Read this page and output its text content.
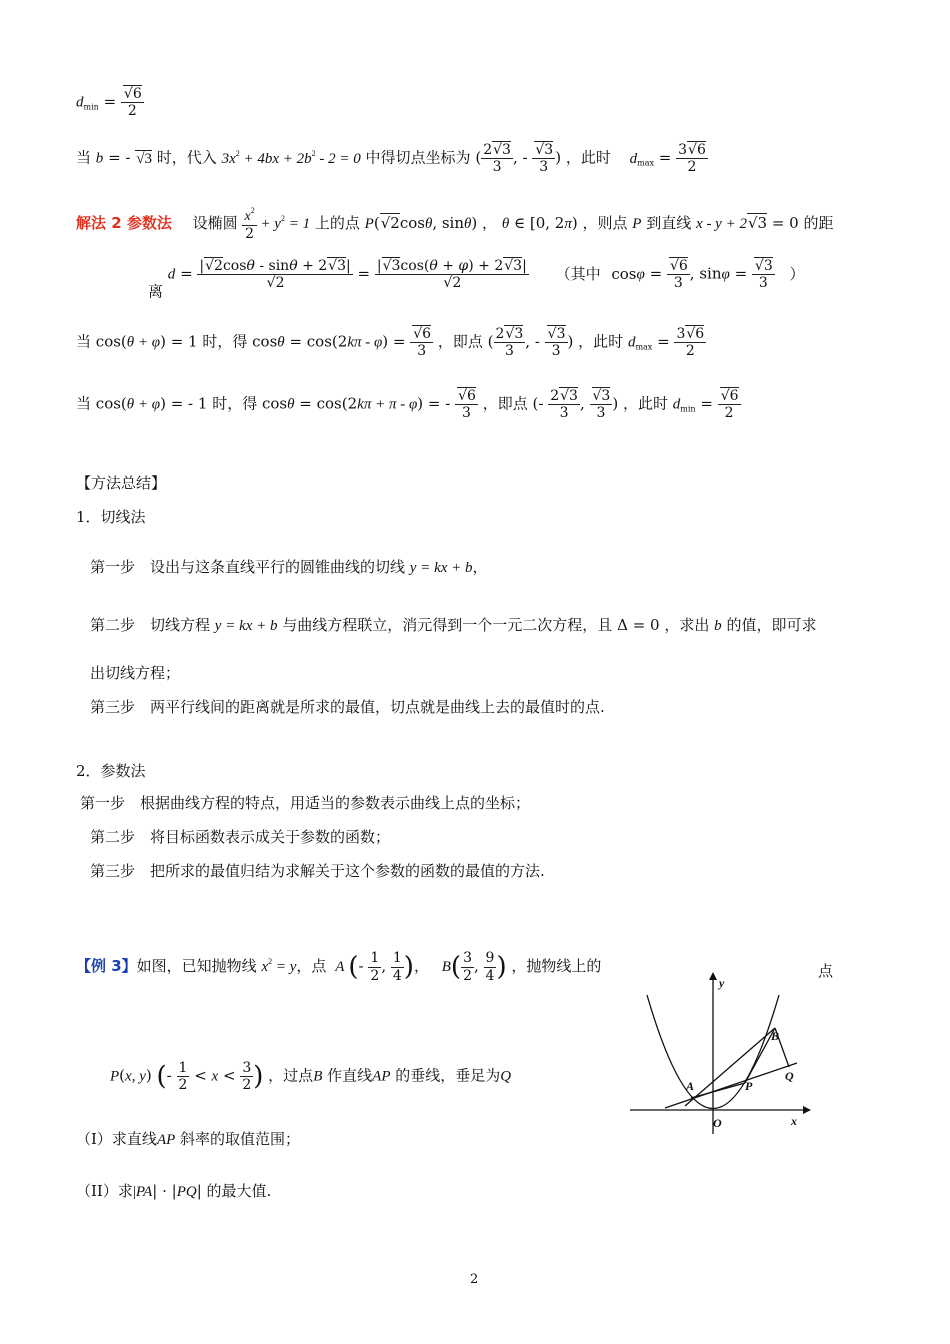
$d_{min}$ = √ $\frac{6}{2}$
当 b = - √ 3 时，代入 $3x^2 + 4bx + 2b^2 - 2 = 0$ 中得切点坐标为 ( $\frac{2 √ 3}{3}$ , - √ $\frac{3}{3}$ ) ，此时 $d_{max} = \frac{3 √ 6}{2}$
解法 2 参数法 设椭圆 $\frac{x^2}{2} + y^2 = 1$ 上的点 P( √ 2cosθ, sinθ) ， θ ∈ [0, 2π) ，则点 P 到直线 x - y + 2 √ 3 = 0 的距
离 d = | √ 2cosθ - sinθ + 2 √ 3|
√ 2 = | √ 3cos(θ + φ) + 2 √ 3|
√ 2 （其中 cosφ = √ $\frac{6}{3}$ , sinφ = √ $\frac{3}{3}$ ）
当 cos(θ + φ) = 1 时，得 cosθ = cos(2kπ - φ) = √ $\frac{6}{3}$ ，即点 ( $\frac{2 √ 3}{3}$ , - √ $\frac{3}{3}$ ) ，此时 $d_{max} = \frac{3 √ 6}{2}$
当 cos(θ + φ) = - 1 时，得 cosθ = cos(2kπ + π - φ) = - √ $\frac{6}{3}$ ，即点 (- $\frac{2 √ 3}{3}$ , √ $\frac{3}{3}$ ) ，此时 $d_{min}$ = √ $\frac{6}{2}$
【方法总结】
1．切线法
第一步　设出与这条直线平行的圆锥曲线的切线 y = kx + b，
第二步　切线方程 y = kx + b 与曲线方程联立，消元得到一个一元二次方程，且 Δ = 0 ，求出 b 的值，即可求
出切线方程；
第三步　两平行线间的距离就是所求的最值，切点就是曲线上去的最值时的点.
2．参数法
第一步　根据曲线方程的特点，用适当的参数表示曲线上点的坐标；
第二步　将目标函数表示成关于参数的函数；
第三步　把所求的最值归结为求解关于这个参数的函数的最值的方法.
【例 3】如图，已知抛物线 $x^2 = y$，点 A (- $\frac{1}{2}$ , $\frac{1}{4}$ )， $B( \frac{3}{2}$ , $\frac{9}{4}$ ) ，抛物线上的	点
P(x, y) (- $\frac{1}{2} < x < \frac{3}{2}$ ) ，过点B 作直线AP 的垂线，垂足为Q
（I）求直线AP 斜率的取值范围；
（II）求|PA| · |PQ| 的最大值.
y
x
O
A
B
P
Q
2
